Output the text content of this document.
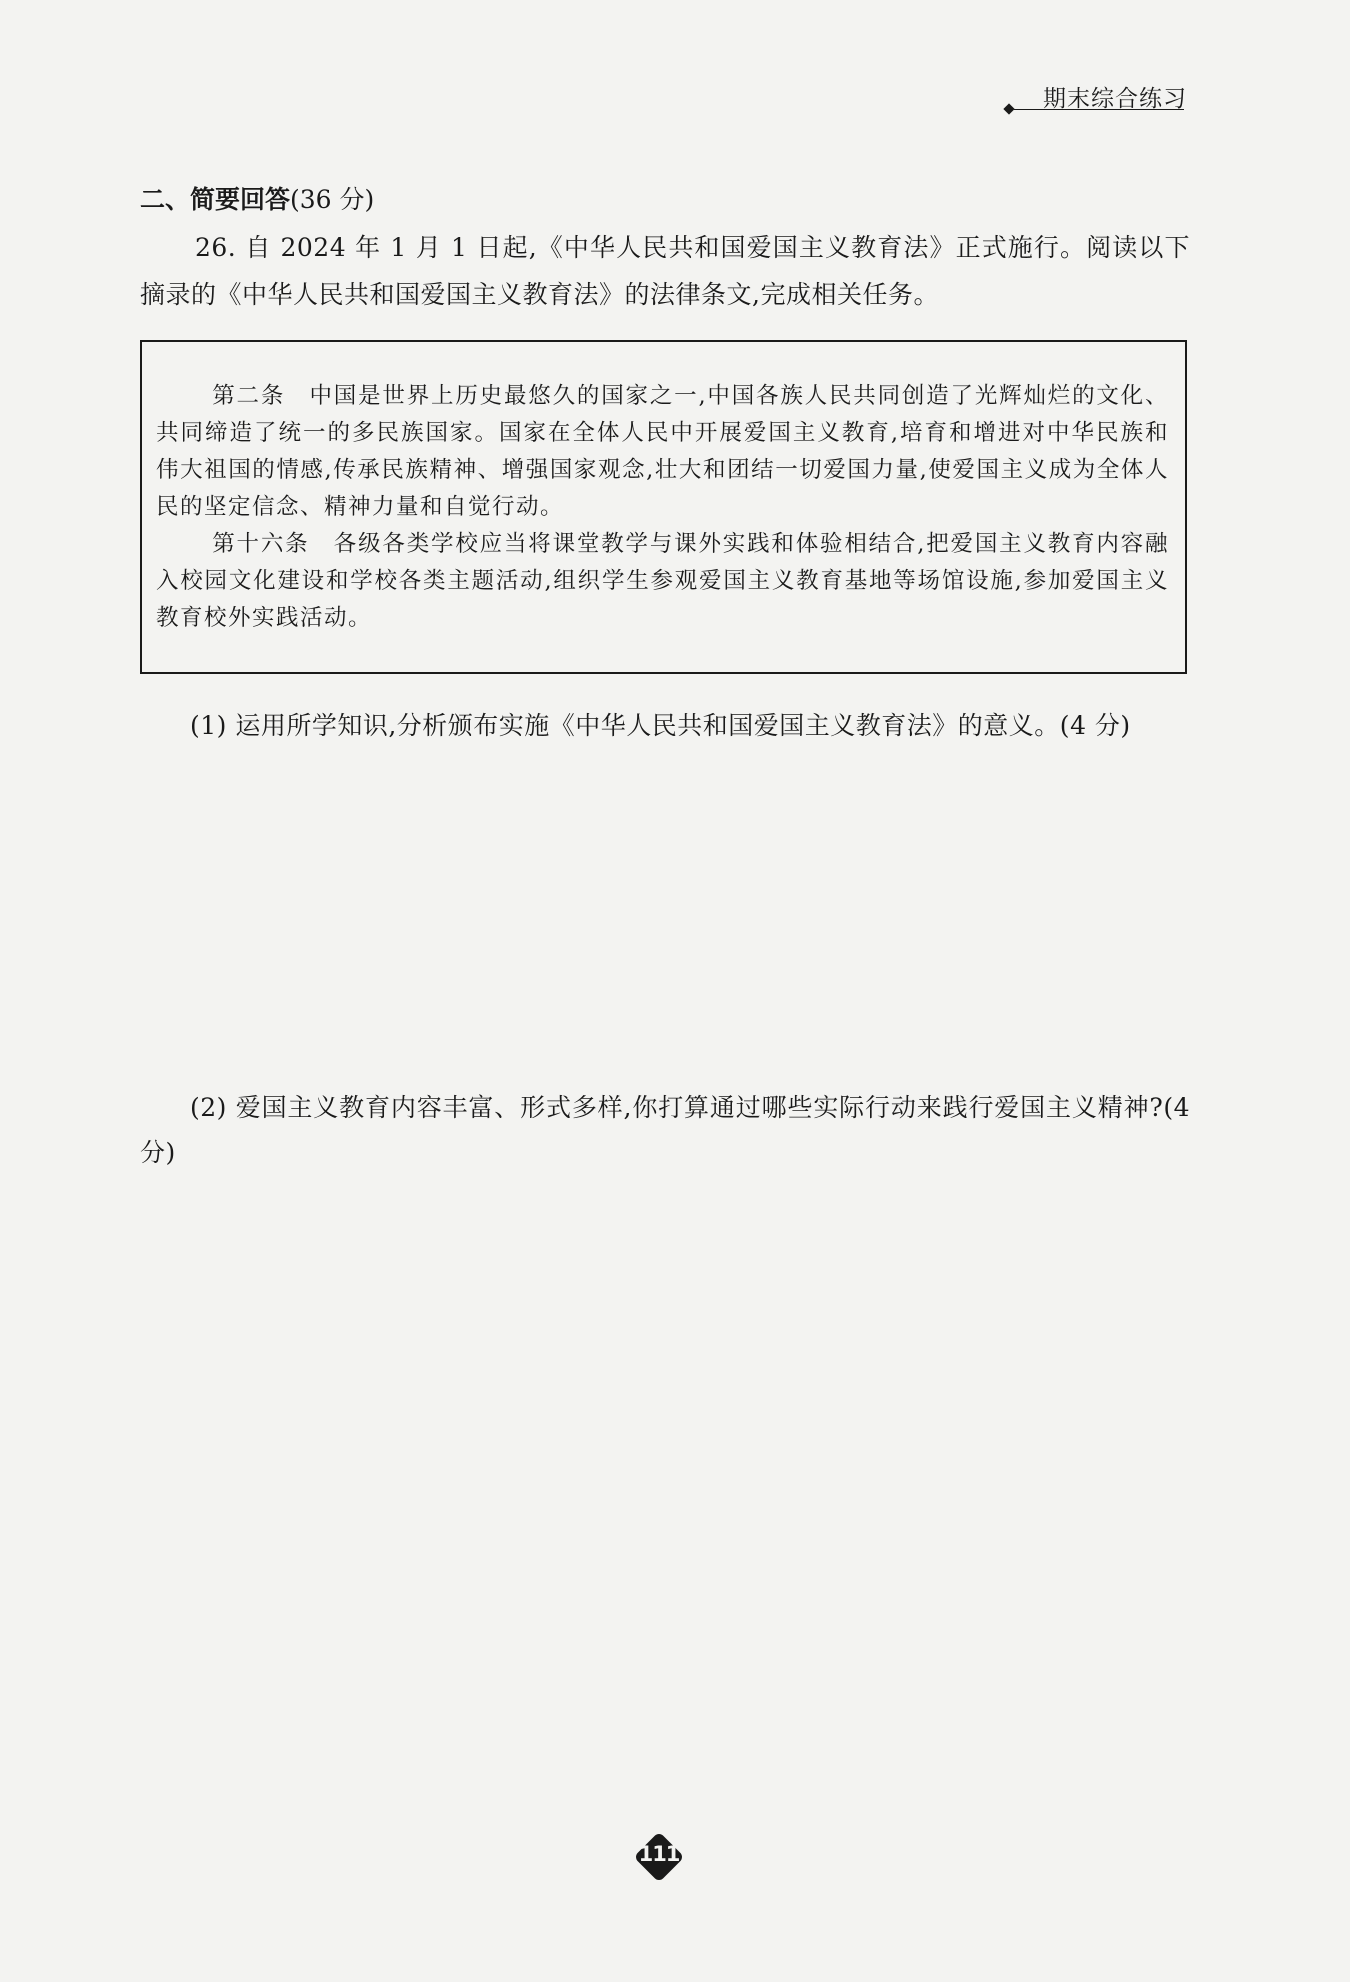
期末综合练习
二、简要回答(36 分)
26. 自 2024 年 1 月 1 日起,《中华人民共和国爱国主义教育法》正式施行。阅读以下摘录的《中华人民共和国爱国主义教育法》的法律条文,完成相关任务。

第二条　中国是世界上历史最悠久的国家之一,中国各族人民共同创造了光辉灿烂的文化、共同缔造了统一的多民族国家。国家在全体人民中开展爱国主义教育,培育和增进对中华民族和伟大祖国的情感,传承民族精神、增强国家观念,壮大和团结一切爱国力量,使爱国主义成为全体人民的坚定信念、精神力量和自觉行动。

第十六条　各级各类学校应当将课堂教学与课外实践和体验相结合,把爱国主义教育内容融入校园文化建设和学校各类主题活动,组织学生参观爱国主义教育基地等场馆设施,参加爱国主义教育校外实践活动。

(1) 运用所学知识,分析颁布实施《中华人民共和国爱国主义教育法》的意义。(4 分)
(2) 爱国主义教育内容丰富、形式多样,你打算通过哪些实际行动来践行爱国主义精神?(4 分)
111
